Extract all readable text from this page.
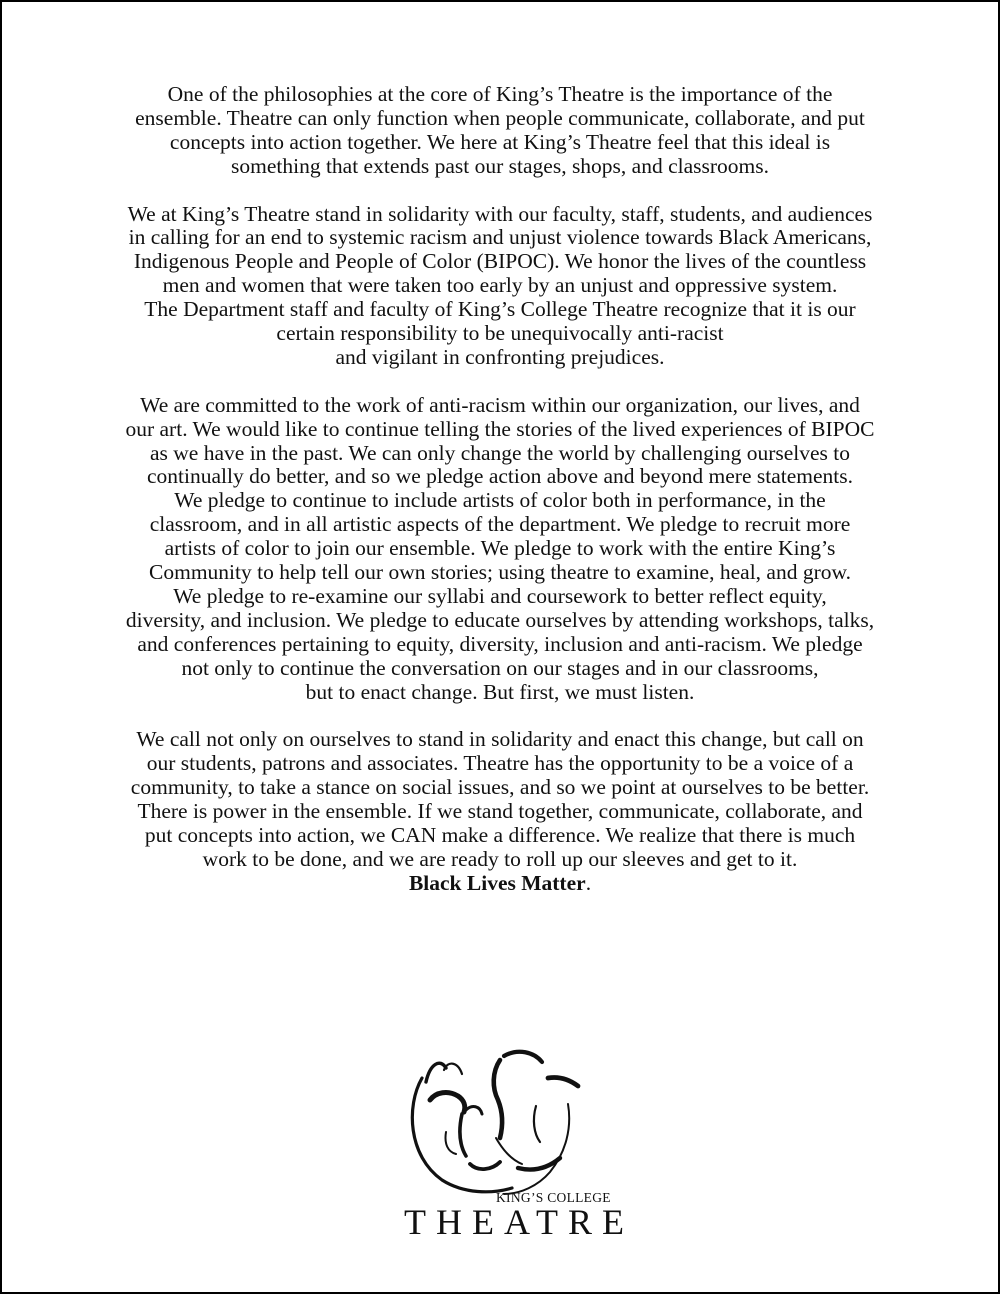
One of the philosophies at the core of King’s Theatre is the importance of the
ensemble. Theatre can only function when people communicate, collaborate, and put
concepts into action together. We here at King’s Theatre feel that this ideal is
something that extends past our stages, shops, and classrooms.

We at King’s Theatre stand in solidarity with our faculty, staff, students, and audiences
in calling for an end to systemic racism and unjust violence towards Black Americans,
Indigenous People and People of Color (BIPOC). We honor the lives of the countless
men and women that were taken too early by an unjust and oppressive system.
The Department staff and faculty of King’s College Theatre recognize that it is our
certain responsibility to be unequivocally anti-racist
and vigilant in confronting prejudices.

We are committed to the work of anti-racism within our organization, our lives, and
our art. We would like to continue telling the stories of the lived experiences of BIPOC
as we have in the past. We can only change the world by challenging ourselves to
continually do better, and so we pledge action above and beyond mere statements.
We pledge to continue to include artists of color both in performance, in the
classroom, and in all artistic aspects of the department. We pledge to recruit more
artists of color to join our ensemble. We pledge to work with the entire King’s
Community to help tell our own stories; using theatre to examine, heal, and grow.
We pledge to re-examine our syllabi and coursework to better reflect equity,
diversity, and inclusion. We pledge to educate ourselves by attending workshops, talks,
and conferences pertaining to equity, diversity, inclusion and anti-racism. We pledge
not only to continue the conversation on our stages and in our classrooms,
but to enact change. But first, we must listen.

We call not only on ourselves to stand in solidarity and enact this change, but call on
our students, patrons and associates. Theatre has the opportunity to be a voice of a
community, to take a stance on social issues, and so we point at ourselves to be better.
There is power in the ensemble. If we stand together, communicate, collaborate, and
put concepts into action, we CAN make a difference. We realize that there is much
work to be done, and we are ready to roll up our sleeves and get to it.
Black Lives Matter.

KING’S COLLEGE
THEATRE
